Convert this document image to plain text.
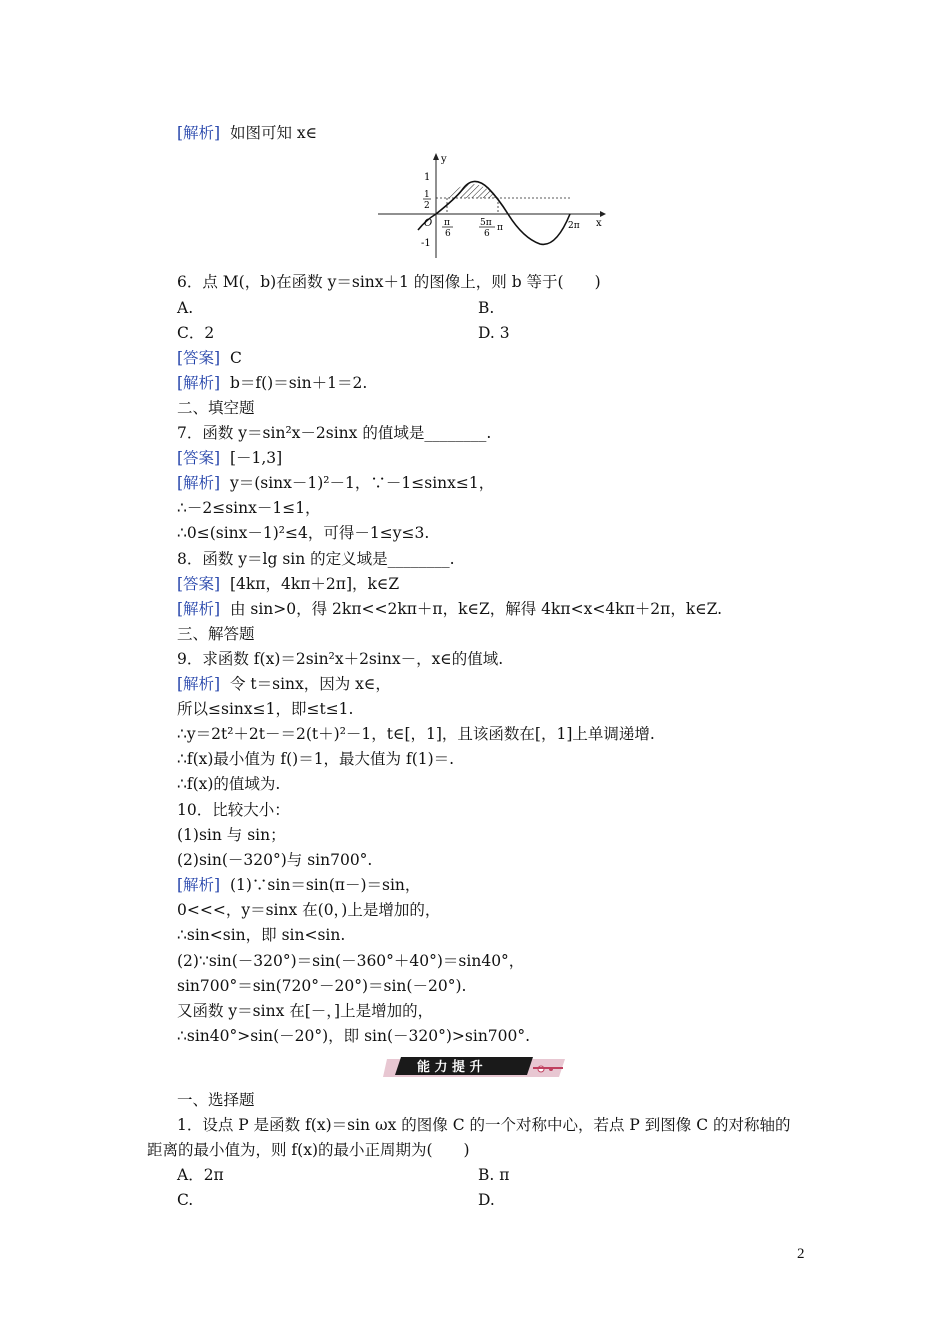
[解析]  如图可知 x∈
y
x
1
1
2
O
-1
π
6
5π
6
π	2π
6．点 M(，b)在函数 y＝sinx＋1 的图像上，则 b 等于(　　)
A.	B.
C．2	D. 3
[答案]  C
[解析]  b＝f()＝sin＋1＝2.
二、填空题
7．函数 y＝sin²x－2sinx 的值域是________.
[答案]  [－1,3]
[解析]  y＝(sinx－1)²－1，∵－1≤sinx≤1，
∴－2≤sinx－1≤1，
∴0≤(sinx－1)²≤4，可得－1≤y≤3.
8．函数 y＝lg sin 的定义域是________.
[答案]  [4kπ，4kπ＋2π]，k∈Z
[解析]  由 sin>0，得 2kπ<<2kπ＋π，k∈Z，解得 4kπ<x<4kπ＋2π，k∈Z.
三、解答题
9．求函数 f(x)＝2sin²x＋2sinx－，x∈的值域.
[解析]  令 t＝sinx，因为 x∈，
所以≤sinx≤1，即≤t≤1.
∴y＝2t²＋2t－＝2(t＋)²－1，t∈[，1]，且该函数在[，1]上单调递增.
∴f(x)最小值为 f()＝1，最大值为 f(1)＝.
∴f(x)的值域为.
10．比较大小：
(1)sin 与 sin；
(2)sin(－320°)与 sin700°.
[解析]  (1)∵sin＝sin(π－)＝sin，
0<<<，y＝sinx 在(0，)上是增加的，
∴sin<sin，即 sin<sin.
(2)∵sin(－320°)＝sin(－360°＋40°)＝sin40°，
sin700°＝sin(720°－20°)＝sin(－20°).
又函数 y＝sinx 在[－，]上是增加的，
∴sin40°>sin(－20°)，即 sin(－320°)>sin700°.
能 力 提 升
一、选择题
1．设点 P 是函数 f(x)＝sin ωx 的图像 C 的一个对称中心，若点 P 到图像 C 的对称轴的
距离的最小值为，则 f(x)的最小正周期为(　　)
A．2π	B. π
C.	D.
2
